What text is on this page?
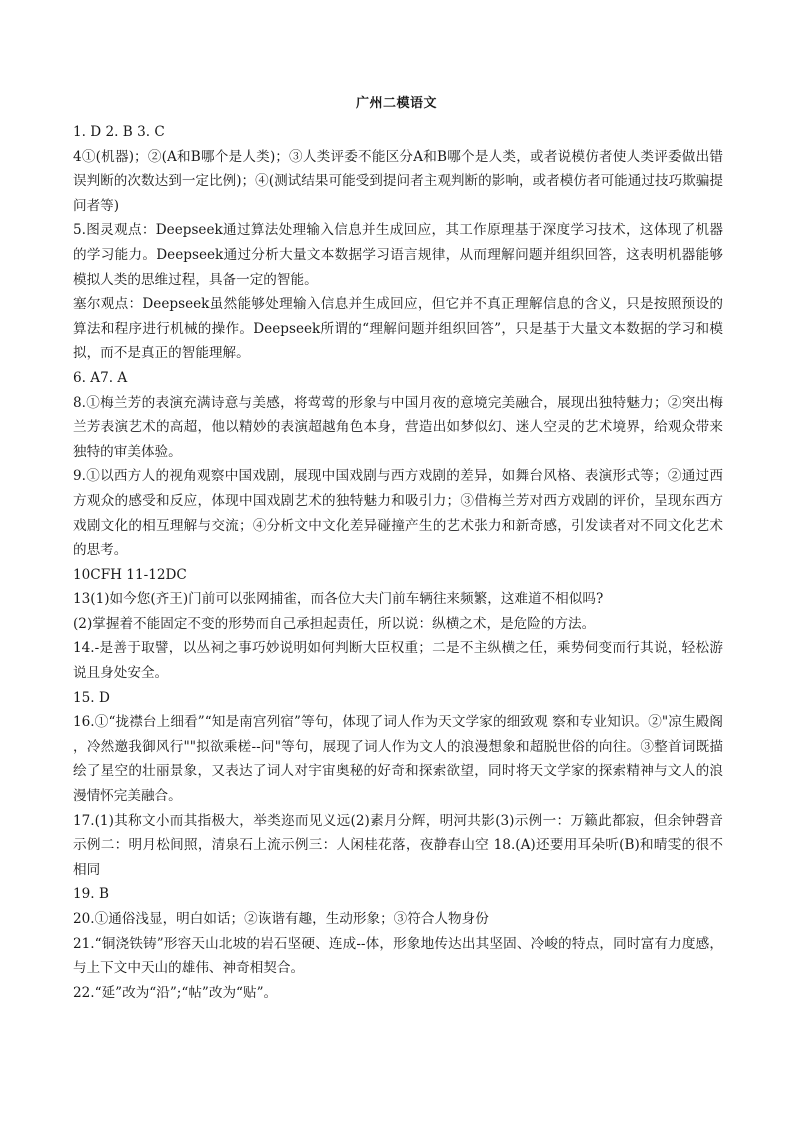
广州二模语文

1. D 2. B 3. C

4①(机器)；②(A和B哪个是人类)；③人类评委不能区分A和B哪个是人类，或者说模仿者使人类评委做出错误判断的次数达到一定比例)；④(测试结果可能受到提问者主观判断的影响，或者模仿者可能通过技巧欺骗提问者等)

5.图灵观点：Deepseek通过算法处理输入信息并生成回应，其工作原理基于深度学习技术，这体现了机器的学习能力。Deepseek通过分析大量文本数据学习语言规律，从而理解问题并组织回答，这表明机器能够模拟人类的思维过程，具备一定的智能。

塞尔观点：Deepseek虽然能够处理输入信息并生成回应，但它并不真正理解信息的含义，只是按照预设的算法和程序进行机械的操作。Deepseek所谓的“理解问题并组织回答”，只是基于大量文本数据的学习和模拟，而不是真正的智能理解。

6. A7. A

8.①梅兰芳的表演充满诗意与美感，将莺莺的形象与中国月夜的意境完美融合，展现出独特魅力；②突出梅兰芳表演艺术的高超，他以精妙的表演超越角色本身，营造出如梦似幻、迷人空灵的艺术境界，给观众带来独特的审美体验。

9.①以西方人的视角观察中国戏剧，展现中国戏剧与西方戏剧的差异，如舞台风格、表演形式等；②通过西方观众的感受和反应，体现中国戏剧艺术的独特魅力和吸引力；③借梅兰芳对西方戏剧的评价，呈现东西方戏剧文化的相互理解与交流；④分析文中文化差异碰撞产生的艺术张力和新奇感，引发读者对不同文化艺术的思考。

10CFH 11-12DC

13(1)如今您(齐王)门前可以张网捕雀，而各位大夫门前车辆往来频繁，这难道不相似吗?

(2)掌握着不能固定不变的形势而自己承担起责任，所以说：纵横之术，是危险的方法。

14.-是善于取譬，以丛祠之事巧妙说明如何判断大臣权重；二是不主纵横之任，乘势伺变而行其说，轻松游说且身处安全。

15. D

16.①“拢襟台上细看”“知是南宫列宿”等句，体现了词人作为天文学家的细致观 察和专业知识。②"凉生殿阁，冷然邀我御风行""拟欲乘槎--问"等句，展现了词人作为文人的浪漫想象和超脱世俗的向往。③整首词既描绘了星空的壮丽景象，又表达了词人对宇宙奥秘的好奇和探索欲望，同时将天文学家的探索精神与文人的浪漫情怀完美融合。

17.(1)其称文小而其指极大，举类迩而见义远(2)素月分辉，明河共影(3)示例一：万籁此都寂，但余钟磬音示例二：明月松间照，清泉石上流示例三：人闲桂花落，夜静春山空 18.(A)还要用耳朵听(B)和晴雯的很不相同

19. B

20.①通俗浅显，明白如话；②诙谐有趣，生动形象；③符合人物身份

21.“铜浇铁铸”形容天山北坡的岩石坚硬、连成--体，形象地传达出其坚固、冷峻的特点，同时富有力度感，与上下文中天山的雄伟、神奇相契合。

22.“延”改为“沿”;“帖”改为“贴”。
